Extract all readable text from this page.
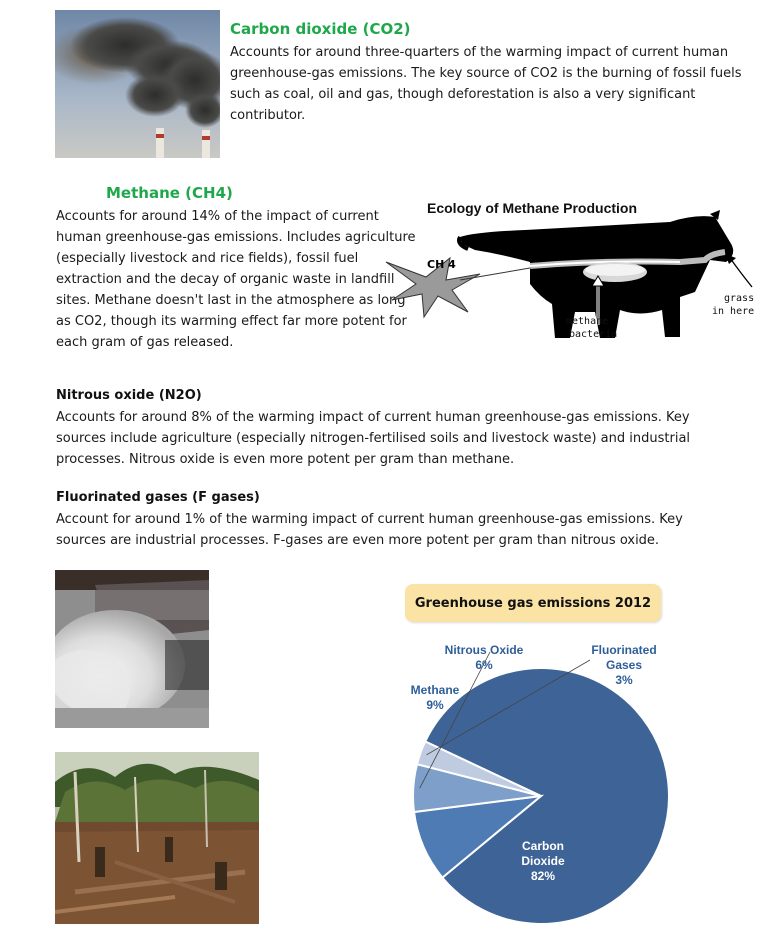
Carbon dioxide (CO2)
Accounts for around three-quarters of the warming impact of current human greenhouse-gas emissions. The key source of CO2 is the burning of fossil fuels such as coal, oil and gas, though deforestation is also a very significant contributor.
Methane (CH4)
Accounts for around 14% of the impact of current human greenhouse-gas emissions. Includes agriculture (especially livestock and rice fields), fossil fuel extraction and the decay of organic waste in landfill sites. Methane doesn't last in the atmosphere as long as CO2, though its warming effect far more potent for each gram of gas released.
Ecology of Methane Production
CH 4
methane
bacteria
grass
in here
Nitrous oxide (N2O)
Accounts for around 8% of the warming impact of current human greenhouse-gas emissions. Key sources include agriculture (especially nitrogen-fertilised soils and livestock waste) and industrial processes. Nitrous oxide is even more potent per gram than methane.
Fluorinated gases (F gases)
Account for around 1% of the warming impact of current human greenhouse-gas emissions. Key sources are industrial processes. F-gases are even more potent per gram than nitrous oxide.
Greenhouse gas emissions 2012
Carbon
Dioxide
82%
Methane
9%
Nitrous Oxide
6%
Fluorinated
Gases
3%
